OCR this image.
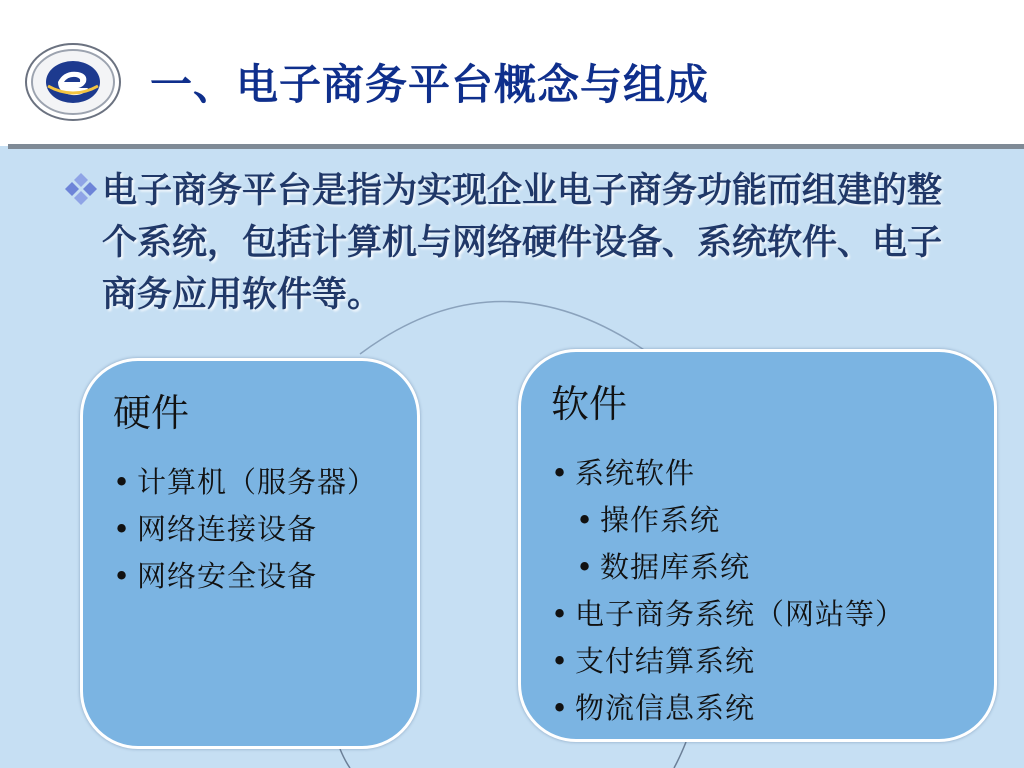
一、电子商务平台概念与组成
电子商务平台是指为实现企业电子商务功能而组建的整个系统，包括计算机与网络硬件设备、系统软件、电子商务应用软件等。
硬件
• 计算机（服务器）
• 网络连接设备
• 网络安全设备
软件
• 系统软件
• 操作系统
• 数据库系统
• 电子商务系统（网站等）
• 支付结算系统
• 物流信息系统
